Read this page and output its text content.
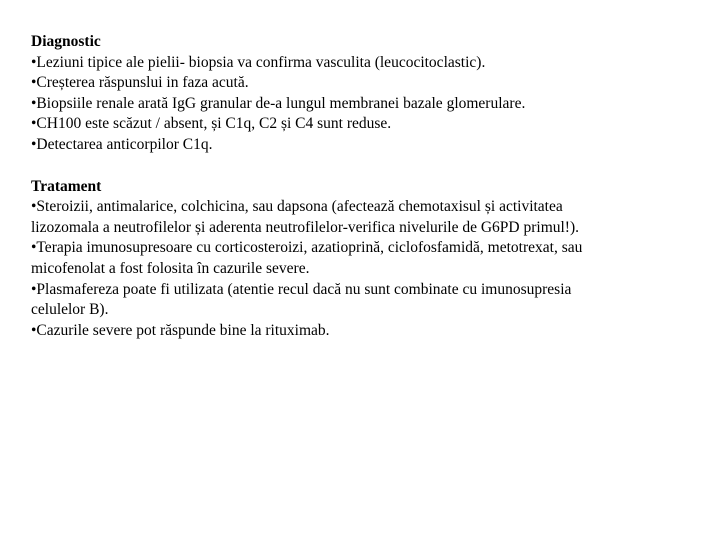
Diagnostic

•Leziuni tipice ale pielii- biopsia va confirma vasculita (leucocitoclastic).

•Creșterea răspunslui in faza acută.

•Biopsiile renale arată IgG granular de-a lungul membranei bazale glomerulare.

•CH100 este scăzut / absent, și C1q, C2 și C4 sunt reduse.

•Detectarea anticorpilor C1q.

Tratament

•Steroizii, antimalarice, colchicina, sau dapsona (afectează chemotaxisul și activitatea

lizozomala a neutrofilelor și aderenta neutrofilelor-verifica nivelurile de G6PD primul!).

•Terapia imunosupresoare cu corticosteroizi, azatioprină, ciclofosfamidă, metotrexat, sau

micofenolat a fost folosita în cazurile severe.

•Plasmafereza poate fi utilizata (atentie recul dacă nu sunt combinate cu imunosupresia

celulelor B).

•Cazurile severe pot răspunde bine la rituximab.
